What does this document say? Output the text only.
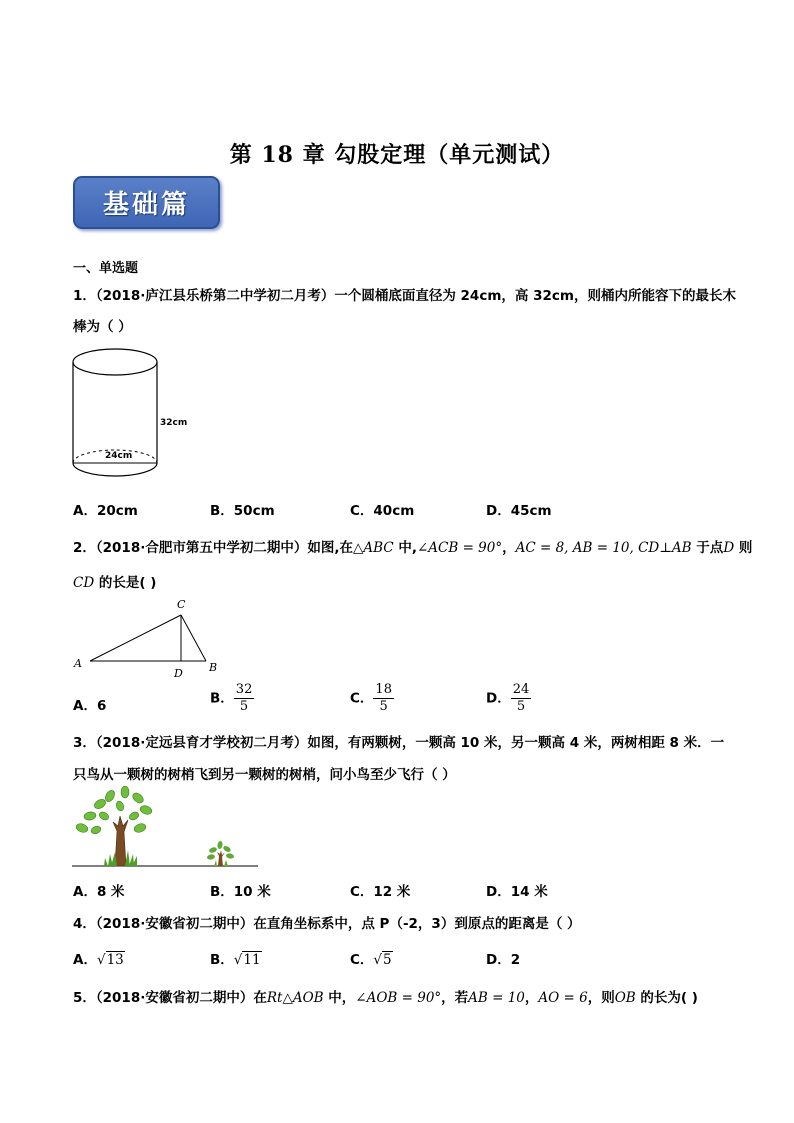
第 18 章 勾股定理（单元测试）
基础篇
一、单选题
1．（2018·庐江县乐桥第二中学初二月考）一个圆桶底面直径为 24cm，高 32cm，则桶内所能容下的最长木
棒为（ ）
32cm
24cm
A．20cm	B．50cm	C．40cm	D．45cm
2．（2018·合肥市第五中学初二期中）如图,在△ABC 中,∠ACB = 90°，AC = 8, AB = 10, CD⊥AB 于点D 则
CD 的长是( )
C
A
D B
A．6	B． $\frac{32}{5}$	C． $\frac{18}{5}$	D． $\frac{24}{5}$
3．（2018·定远县育才学校初二月考）如图，有两颗树，一颗高 10 米，另一颗高 4 米，两树相距 8 米．一
只鸟从一颗树的树梢飞到另一颗树的树梢，问小鸟至少飞行（ ）
A．8 米	B．10 米	C．12 米	D．14 米
4．（2018·安徽省初二期中）在直角坐标系中，点 P（-2，3）到原点的距离是（ ）
A．√13	B．√11	C．√5	D．2
5．（2018·安徽省初二期中）在Rt△AOB 中，∠AOB = 90°，若AB = 10，AO = 6，则OB 的长为( )
